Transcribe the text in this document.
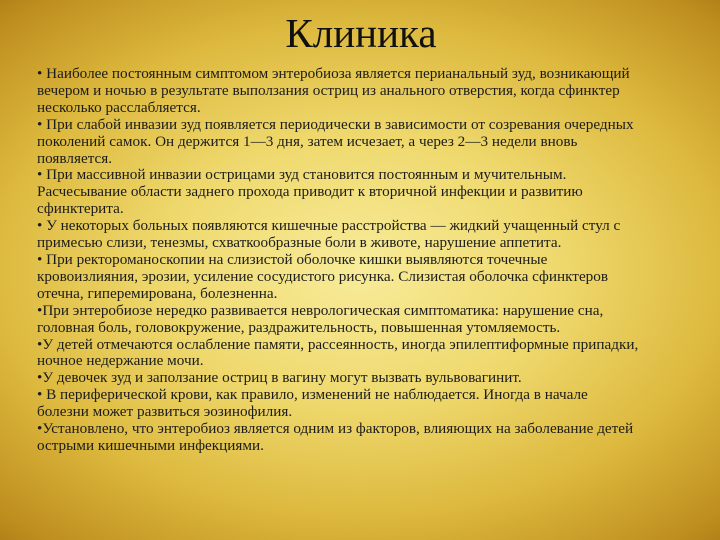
Клиника

• Наиболее постоянным симптомом энтеробиоза является перианальный зуд, возникающий
вечером и ночью в результате выползания остриц из анального отверстия, когда сфинктер
несколько расслабляется.

• При слабой инвазии зуд появляется периодически в зависимости от созревания очередных
поколений самок. Он держится 1—3 дня, затем исчезает, а через 2—3 недели вновь
появляется.

• При массивной инвазии острицами зуд становится постоянным и мучительным.
Расчесывание области заднего прохода приводит к вторичной инфекции и развитию
сфинктерита.

• У некоторых больных появляются кишечные расстройства — жидкий учащенный стул с
примесью слизи, тенезмы, схваткообразные боли в животе, нарушение аппетита.

• При ректороманоскопии на слизистой оболочке кишки выявляются точечные
кровоизлияния, эрозии, усиление сосудистого рисунка. Слизистая оболочка сфинктеров
отечна, гиперемирована, болезненна.

•При энтеробиозе нередко развивается неврологическая симптоматика: нарушение сна,
головная боль, головокружение, раздражительность, повышенная утомляемость.

•У детей отмечаются ослабление памяти, рассеянность, иногда эпилептиформные припадки,
ночное недержание мочи.

•У девочек зуд и заползание остриц в вагину могут вызвать вульвовагинит.

• В периферической крови, как правило, изменений не наблюдается. Иногда в начале
болезни может развиться эозинофилия.

•Установлено, что энтеробиоз является одним из факторов, влияющих на заболевание детей
острыми кишечными инфекциями.
